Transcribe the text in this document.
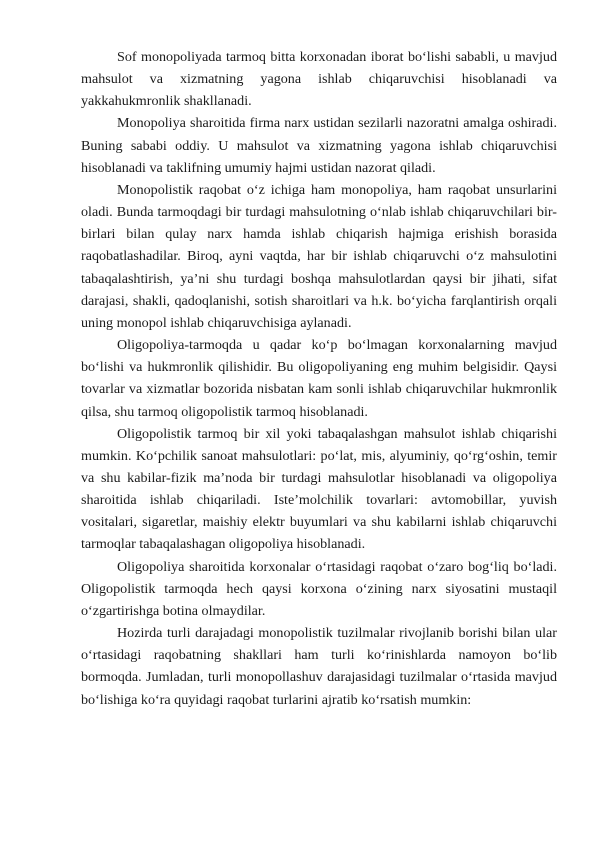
Sof monopoliyada tarmoq bitta korxonadan iborat bo‘lishi sababli, u mavjud mahsulot va xizmatning yagona ishlab chiqaruvchisi hisoblanadi va yakkahukmronlik shakllanadi.

Monopoliya sharoitida firma narx ustidan sezilarli nazoratni amalga oshiradi. Buning sababi oddiy. U mahsulot va xizmatning yagona ishlab chiqaruvchisi hisoblanadi va taklifning umumiy hajmi ustidan nazorat qiladi.

Monopolistik raqobat o‘z ichiga ham monopoliya, ham raqobat unsurlarini oladi. Bunda tarmoqdagi bir turdagi mahsulotning o‘nlab ishlab chiqaruvchilari bir-birlari bilan qulay narx hamda ishlab chiqarish hajmiga erishish borasida raqobatlashadilar. Biroq, ayni vaqtda, har bir ishlab chiqaruvchi o‘z mahsulotini tabaqalashtirish, ya’ni shu turdagi boshqa mahsulotlardan qaysi bir jihati, sifat darajasi, shakli, qadoqlanishi, sotish sharoitlari va h.k. bo‘yicha farqlantirish orqali uning monopol ishlab chiqaruvchisiga aylanadi.

Oligopoliya-tarmoqda u qadar ko‘p bo‘lmagan korxonalarning mavjud bo‘lishi va hukmronlik qilishidir. Bu oligopoliyaning eng muhim belgisidir. Qaysi tovarlar va xizmatlar bozorida nisbatan kam sonli ishlab chiqaruvchilar hukmronlik qilsa, shu tarmoq oligopolistik tarmoq hisoblanadi.

Oligopolistik tarmoq bir xil yoki tabaqalashgan mahsulot ishlab chiqarishi mumkin. Ko‘pchilik sanoat mahsulotlari: po‘lat, mis, alyuminiy, qo‘rg‘oshin, temir va shu kabilar-fizik ma’noda bir turdagi mahsulotlar hisoblanadi va oligopoliya sharoitida ishlab chiqariladi. Iste’molchilik tovarlari: avtomobillar, yuvish vositalari, sigaretlar, maishiy elektr buyumlari va shu kabilarni ishlab chiqaruvchi tarmoqlar tabaqalashagan oligopoliya hisoblanadi.

Oligopoliya sharoitida korxonalar o‘rtasidagi raqobat o‘zaro bog‘liq bo‘ladi. Oligopolistik tarmoqda hech qaysi korxona o‘zining narx siyosatini mustaqil o‘zgartirishga botina olmaydilar.

Hozirda turli darajadagi monopolistik tuzilmalar rivojlanib borishi bilan ular o‘rtasidagi raqobatning shakllari ham turli ko‘rinishlarda namoyon bo‘lib bormoqda. Jumladan, turli monopollashuv darajasidagi tuzilmalar o‘rtasida mavjud bo‘lishiga ko‘ra quyidagi raqobat turlarini ajratib ko‘rsatish mumkin:
